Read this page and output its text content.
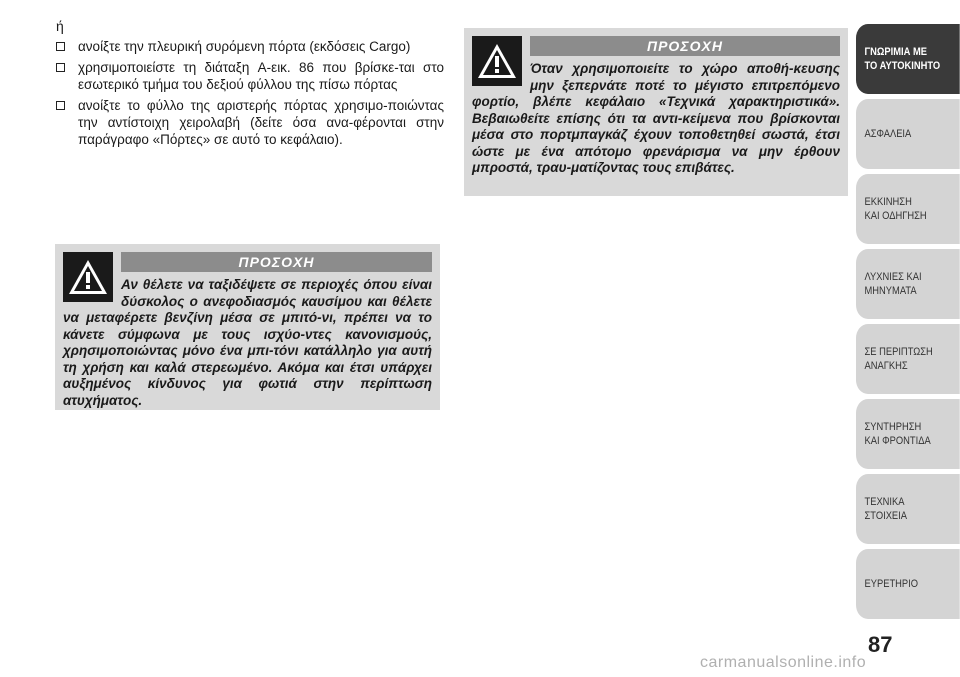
ή

ανοίξτε την πλευρική συρόμενη πόρτα (εκδόσεις Cargo)
χρησιμοποιείστε τη διάταξη A-εικ. 86 που βρίσκε-ται στο εσωτερικό τμήμα του δεξιού φύλλου της πίσω πόρτας
ανοίξτε το φύλλο της αριστερής πόρτας χρησιμο-ποιώντας την αντίστοιχη χειρολαβή (δείτε όσα ανα-φέρονται στην παράγραφο «Πόρτες» σε αυτό το κεφάλαιο).
ΠΡΟΣΟΧΗ

Αν θέλετε να ταξιδέψετε σε περιοχές όπου είναι δύσκολος ο ανεφοδιασμός καυσίμου και θέλετε να μεταφέρετε βενζίνη μέσα σε μπιτό-νι, πρέπει να το κάνετε σύμφωνα με τους ισχύο-ντες κανονισμούς, χρησιμοποιώντας μόνο ένα μπι-τόνι κατάλληλο για αυτή τη χρήση και καλά στερεωμένο. Ακόμα και έτσι υπάρχει αυξημένος κίνδυνος για φωτιά στην περίπτωση ατυχήματος.

ΠΡΟΣΟΧΗ

Όταν χρησιμοποιείτε το χώρο αποθή-κευσης μην ξεπερνάτε ποτέ το μέγιστο επιτρεπόμενο φορτίο, βλέπε κεφάλαιο «Τεχνικά χαρακτηριστικά». Βεβαιωθείτε επίσης ότι τα αντι-κείμενα που βρίσκονται μέσα στο πορτμπαγκάζ έχουν τοποθετηθεί σωστά, έτσι ώστε με ένα απότομο φρενάρισμα να μην έρθουν μπροστά, τραυ-ματίζοντας τους επιβάτες.

ΓΝΩΡΙΜΙΑ ΜΕ
ΤΟ ΑΥΤΟΚΙΝΗΤΟ
ΑΣΦΑΛΕΙΑ
ΕΚΚΙΝΗΣΗ
ΚΑΙ ΟΔΗΓΗΣΗ
ΛΥΧΝΙΕΣ ΚΑΙ
ΜΗΝΥΜΑΤΑ
ΣΕ ΠΕΡΙΠΤΩΣΗ
ΑΝΑΓΚΗΣ
ΣΥΝΤΗΡΗΣΗ
ΚΑΙ ΦΡΟΝΤΙΔΑ
ΤΕΧΝΙΚΑ
ΣΤΟΙΧΕΙΑ
ΕΥΡΕΤΗΡΙΟ
87
carmanualsonline.info
